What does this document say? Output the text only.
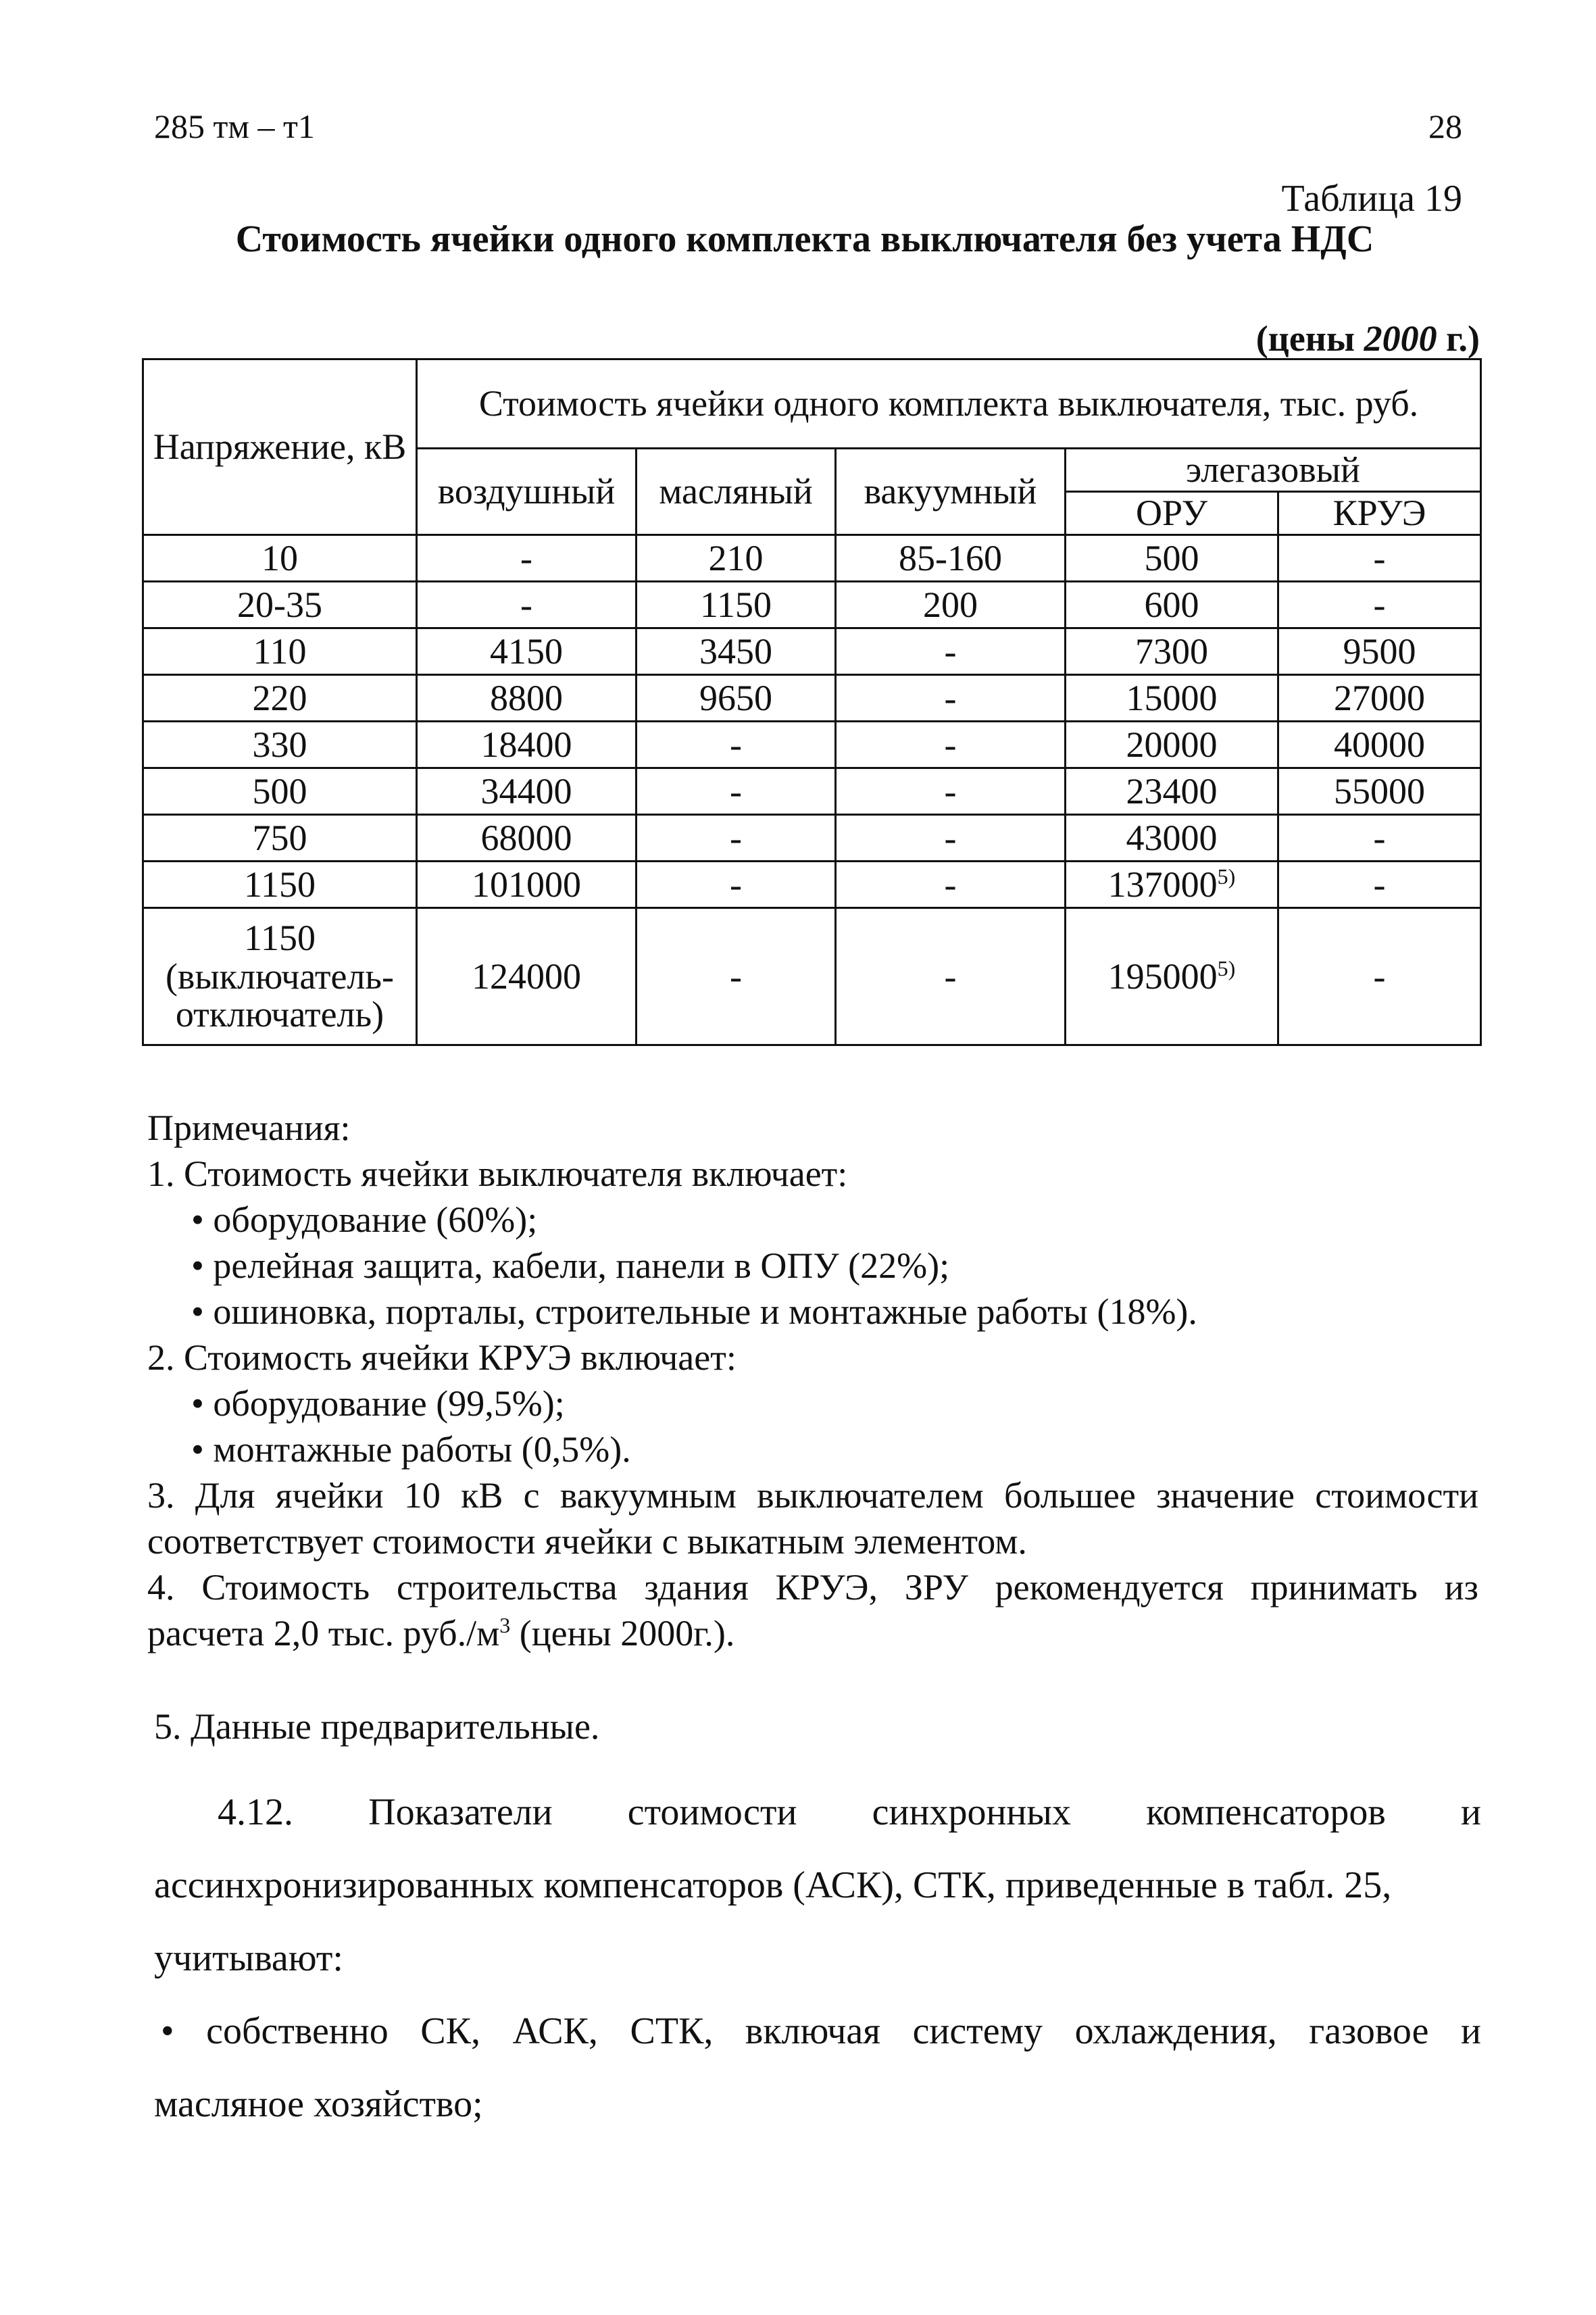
285 тм – т1	28
Таблица 19
Стоимость ячейки одного комплекта выключателя без учета НДС
(цены 2000 г.)
Напряжение, кВ	Стоимость ячейки одного комплекта выключателя, тыс. руб.				
	воздушный	масляный	вакуумный	элегазовый	
				ОРУ	КРУЭ
10	-	210	85-160	500	-
20-35	-	1150	200	600	-
110	4150	3450	-	7300	9500
220	8800	9650	-	15000	27000
330	18400	-	-	20000	40000
500	34400	-	-	23400	55000
750	68000	-	-	43000	-
1150	101000	-	-	137000$^{5)}$	-
1150 (выключатель-отключатель)	124000	-	-	195000$^{5)}$	-
Примечания:
1. Стоимость ячейки выключателя включает:
• оборудование (60%);
• релейная защита, кабели, панели в ОПУ (22%);
• ошиновка, порталы, строительные и монтажные работы (18%).
2. Стоимость ячейки КРУЭ включает:
• оборудование (99,5%);
• монтажные работы (0,5%).
3. Для ячейки 10 кВ с вакуумным выключателем большее значение стоимости
соответствует стоимости ячейки с выкатным элементом.
4. Стоимость строительства здания КРУЭ, ЗРУ рекомендуется принимать из
расчета 2,0 тыс. $руб./м^3$ (цены 2000г.).
5. Данные предварительные.
4.12. Показатели стоимости синхронных компенсаторов и
ассинхронизированных компенсаторов (АСК), СТК, приведенные в табл. 25,
учитывают:
• собственно СК, АСК, СТК, включая систему охлаждения, газовое и
масляное хозяйство;
